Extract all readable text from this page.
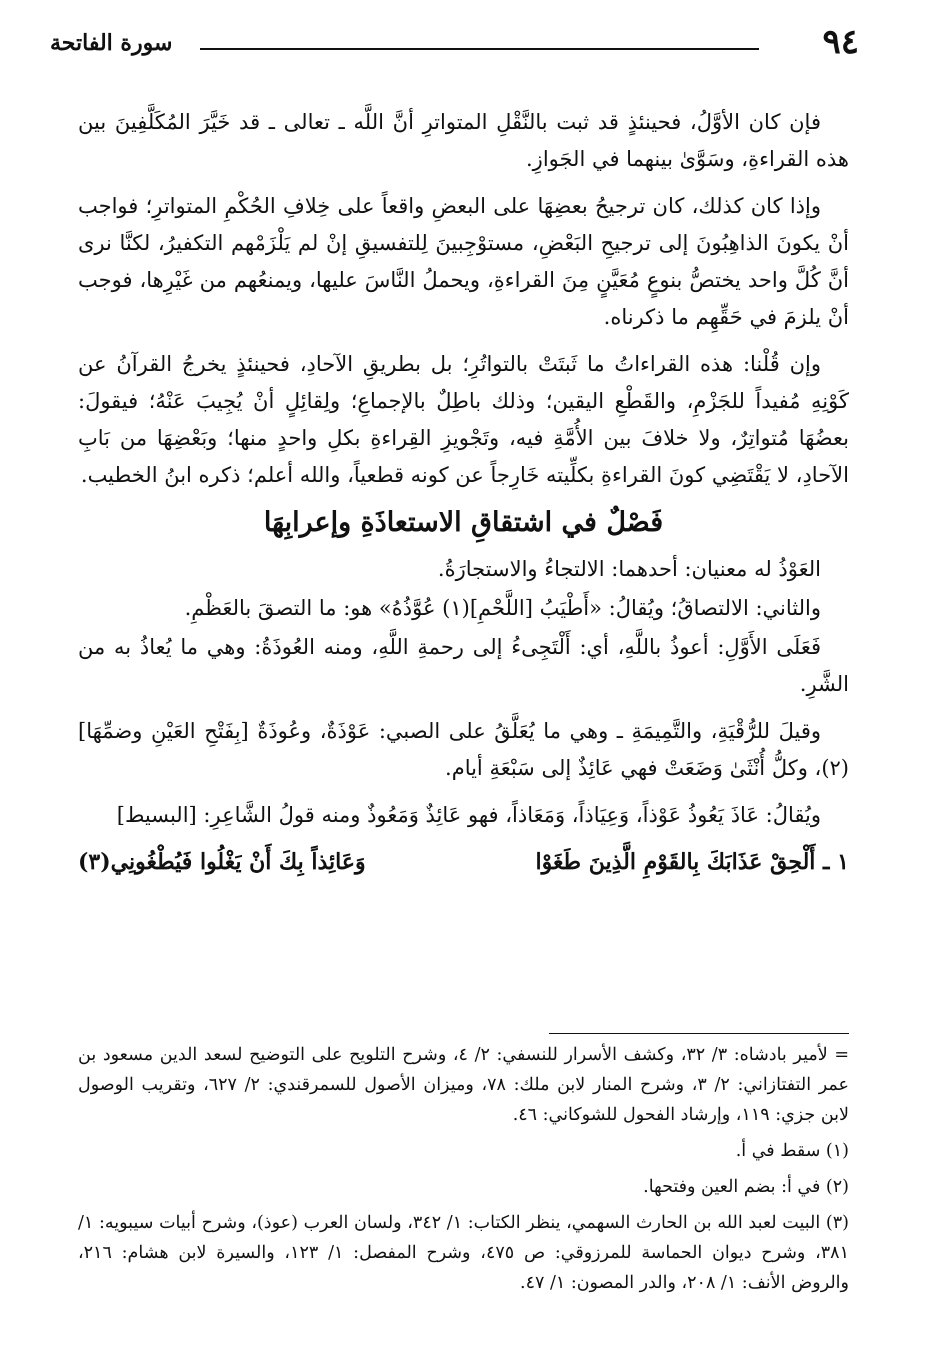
٩٤
سورة الفاتحة

فإن كان الأوَّلُ، فحينئذٍ قد ثبت بالنَّقْلِ المتواترِ أنَّ اللَّه ـ تعالى ـ قد خَيَّرَ المُكَلَّفِينَ بين هذه القراءةِ، وسَوَّىٰ بينهما في الجَوازِ.

وإذا كان كذلك، كان ترجيحُ بعضِهَا على البعضِ واقعاً على خِلافِ الحُكْمِ المتواترِ؛ فواجب أنْ يكونَ الذاهِبُونَ إلى ترجيحِ البَعْضِ، مستوْجِبينَ لِلتفسيقِ إنْ لم يَلْزَمْهم التكفيرُ، لكنَّا نرى أنَّ كُلَّ واحد يختصُّ بنوعٍ مُعَيَّنٍ مِنَ القراءةِ، ويحملُ النَّاسَ عليها، ويمنعُهم من غَيْرِها، فوجب أنْ يلزمَ في حَقِّهِم ما ذكرناه.

وإن قُلْنا: هذه القراءاتُ ما ثَبتَتْ بالتواتُرِ؛ بل بطريقِ الآحادِ، فحينئذٍ يخرجُ القرآنُ عن كَوْنِهِ مُفيداً للجَزْمِ، والقَطْعِ اليقين؛ وذلك باطِلٌ بالإجماعِ؛ ولِقائِلٍ أنْ يُجِيبَ عَنْهُ؛ فيقولَ: بعضُهَا مُتواتِرٌ، ولا خلافَ بين الأُمَّةِ فيه، وتَجْويزِ القِراءةِ بكلِ واحدٍ منها؛ وبَعْضِهَا من بَابِ الآحادِ، لا يَقْتَضِي كونَ القراءةِ بكلِّيته خَارِجاً عن كونه قطعياً، والله أعلم؛ ذكره ابنُ الخطيب.

فَصْلٌ في اشتقاقِ الاستعاذَةِ وإعرابِهَا

العَوْذُ له معنيان: أحدهما: الالتجاءُ والاستجارَةُ.

والثاني: الالتصاقُ؛ ويُقالُ: «أَطْيَبُ [اللَّحْمِ](١) عُوَّذُهُ» هو: ما التصقَ بالعَظْمِ.

فَعَلَى الأَوَّلِ: أعوذُ باللَّهِ، أي: أَلْتَجِىءُ إلى رحمةِ اللَّهِ، ومنه العُوذَةُ: وهي ما يُعاذُ به من الشَّرِ.

وقيلَ للرُّقْيَةِ، والتَّمِيمَةِ ـ وهي ما يُعَلَّقُ على الصبي: عَوْذَةٌ، وعُوذَةٌ [بِفَتْحِ العَيْنِ وضمِّهَا](٢)، وكلُّ أُنْثَىٰ وَضَعَتْ فهي عَائِذٌ إلى سَبْعَةِ أيام.

ويُقالُ: عَاذَ يَعُوذُ عَوْذاً، وَعِيَاذاً، وَمَعَاذاً، فهو عَائِذٌ وَمَعُوذٌ ومنه قولُ الشَّاعِرِ: [البسيط]

١ ـ أَلْحِقْ عَذَابَكَ بِالقَوْمِ الَّذِينَ طَغَوْا
وَعَائِذاً بِكَ أَنْ يَغْلُوا فَيُطْغُونِي(٣)

= لأمير بادشاه: ٣/ ٣٢، وكشف الأسرار للنسفي: ٢/ ٤، وشرح التلويح على التوضيح لسعد الدين مسعود بن عمر التفتازاني: ٢/ ٣، وشرح المنار لابن ملك: ٧٨، وميزان الأصول للسمرقندي: ٢/ ٦٢٧، وتقريب الوصول لابن جزي: ١١٩، وإرشاد الفحول للشوكاني: ٤٦.

(١) سقط في أ.

(٢) في أ: بضم العين وفتحها.

(٣) البيت لعبد الله بن الحارث السهمي، ينظر الكتاب: ١/ ٣٤٢، ولسان العرب (عوذ)، وشرح أبيات سيبويه: ١/ ٣٨١، وشرح ديوان الحماسة للمرزوقي: ص ٤٧٥، وشرح المفصل: ١/ ١٢٣، والسيرة لابن هشام: ٢١٦، والروض الأنف: ١/ ٢٠٨، والدر المصون: ١/ ٤٧.
